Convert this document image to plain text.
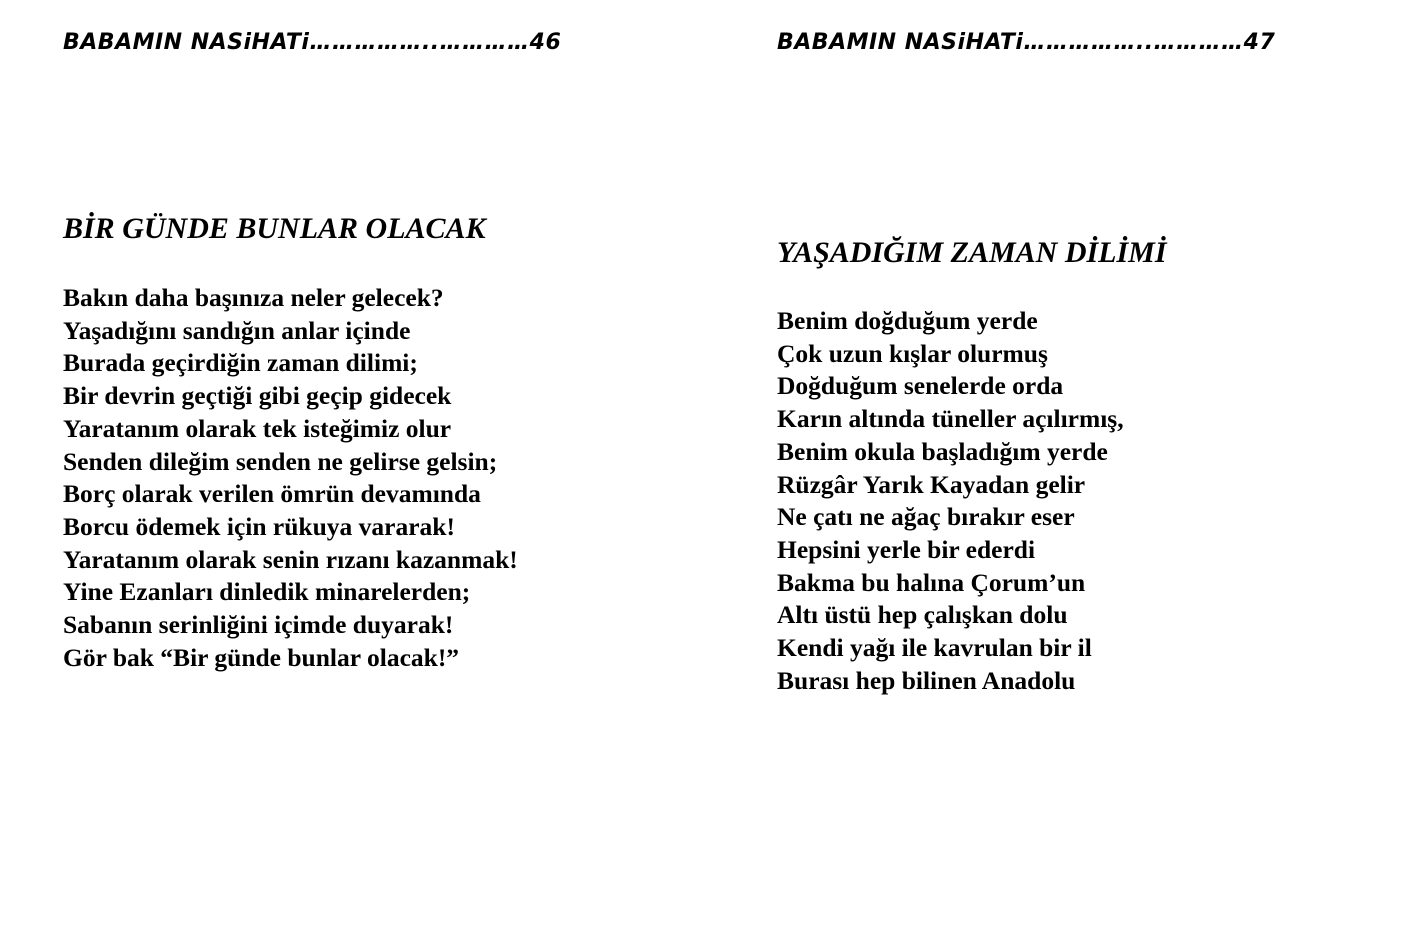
BABAMIN NASiHATi……………..…………46
BİR GÜNDE BUNLAR OLACAK
Bakın daha başınıza neler gelecek?
Yaşadığını sandığın anlar içinde
Burada geçirdiğin zaman dilimi;
Bir devrin geçtiği gibi geçip gidecek
Yaratanım olarak tek isteğimiz olur
Senden dileğim senden ne gelirse gelsin;
Borç olarak verilen ömrün devamında
Borcu ödemek için rükuya vararak!
Yaratanım olarak senin rızanı kazanmak!
Yine Ezanları dinledik minarelerden;
Sabanın serinliğini içimde duyarak!
Gör bak “Bir günde bunlar olacak!”
BABAMIN NASiHATi……………..…………47
YAŞADIĞIM ZAMAN DİLİMİ
Benim doğduğum yerde
Çok uzun kışlar olurmuş
Doğduğum senelerde orda
Karın altında tüneller açılırmış,
Benim okula başladığım yerde
Rüzgâr Yarık Kayadan gelir
Ne çatı ne ağaç bırakır eser
Hepsini yerle bir ederdi
Bakma bu halına Çorum’un
Altı üstü hep çalışkan dolu
Kendi yağı ile kavrulan bir il
Burası hep bilinen Anadolu
